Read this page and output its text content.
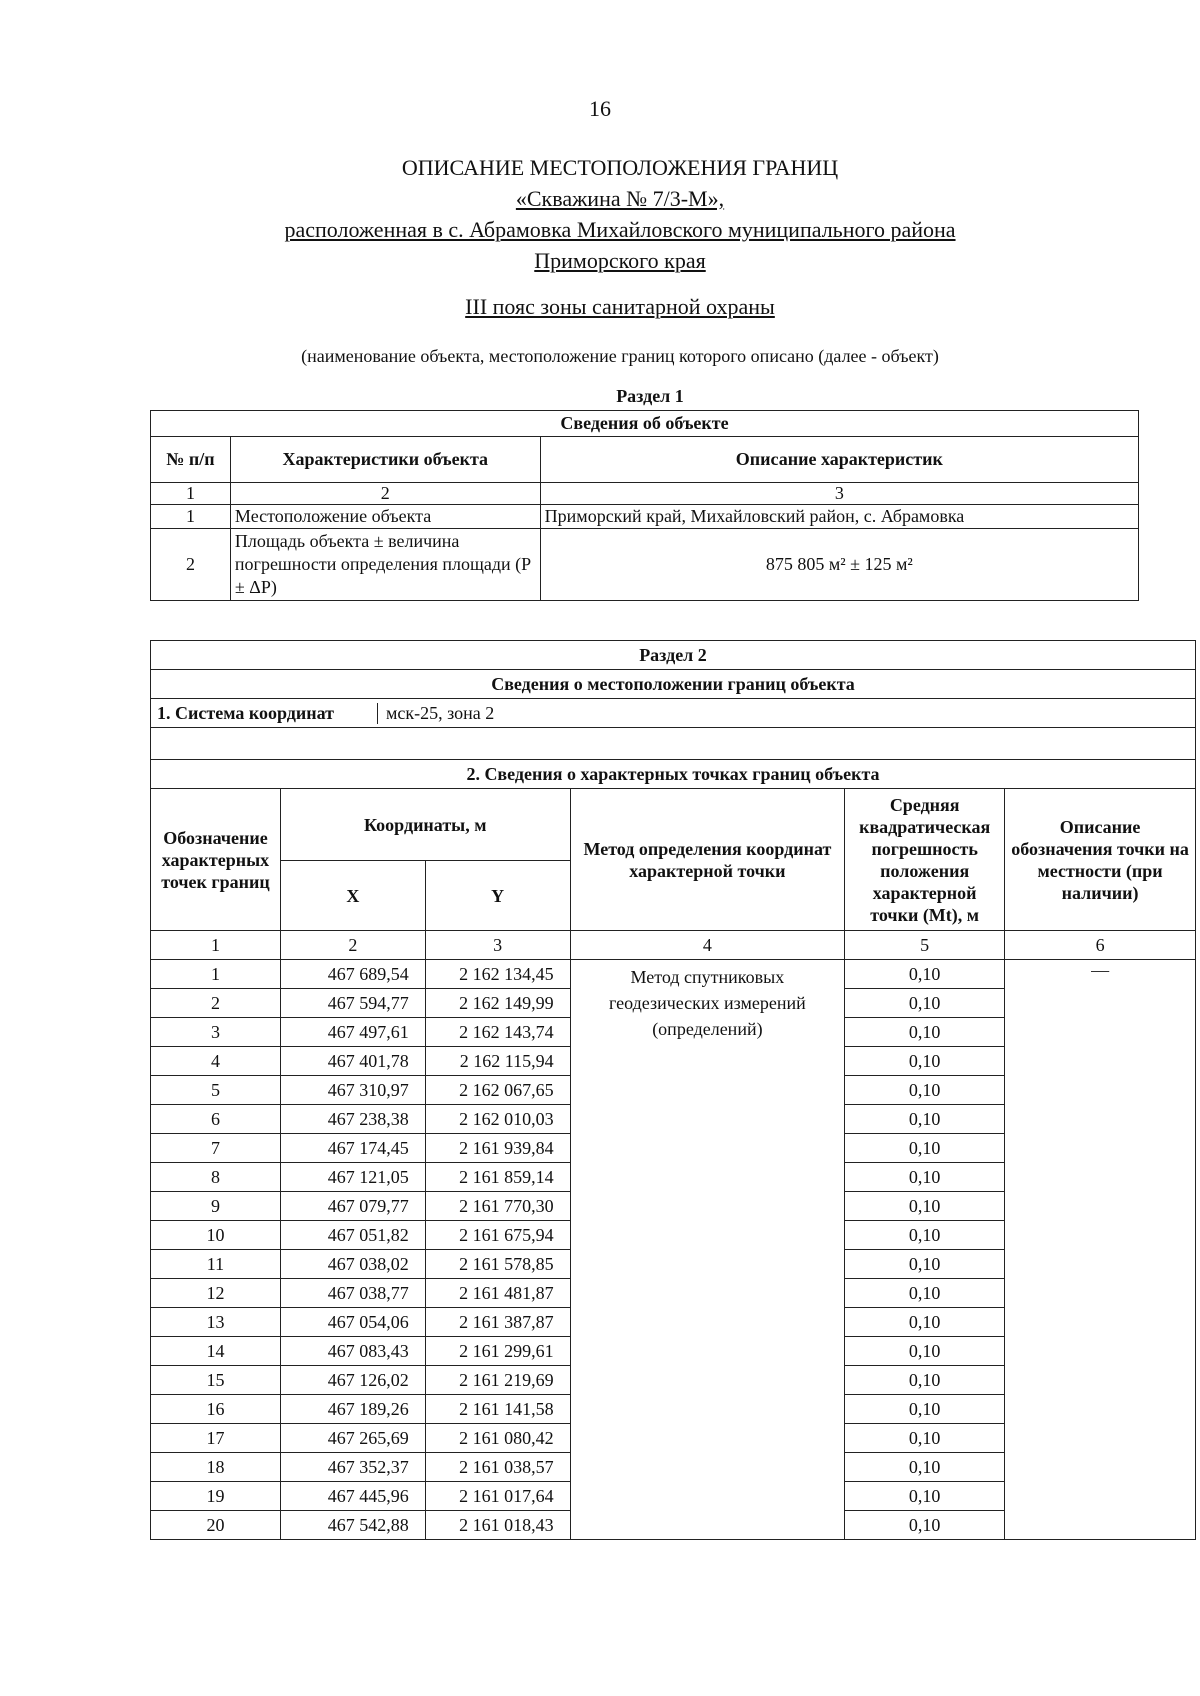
16
ОПИСАНИЕ МЕСТОПОЛОЖЕНИЯ ГРАНИЦ
«Скважина № 7/3-М»,
расположенная в с. Абрамовка Михайловского муниципального района
Приморского края
III пояс зоны санитарной охраны
(наименование объекта, местоположение границ которого описано (далее - объект)
Раздел 1
Сведения об объекте		
№ п/п	Характеристики объекта	Описание характеристик
1	2	3
1	Местоположение объекта	Приморский край, Михайловский район, с. Абрамовка
2	Площадь объекта ± величина погрешности определения площади (Р ± ΔР)	875 805 м² ± 125 м²
Раздел 2					
Сведения о местоположении границ объекта					
1. Система координат мск-25, зона 2					

2. Сведения о характерных точках границ объекта					
Обозначение характерных точек границ	Координаты, м		Метод определения координат характерной точки	Средняя квадратическая погрешность положения характерной точки (Mt), м	Описание обозначения точки на местности (при наличии)
	X	Y			
1	2	3	4	5	6
1	467 689,54	2 162 134,45	Метод спутниковых геодезических измерений (определений)	0,10	—
2	467 594,77	2 162 149,99		0,10	
3	467 497,61	2 162 143,74		0,10	
4	467 401,78	2 162 115,94		0,10	
5	467 310,97	2 162 067,65		0,10	
6	467 238,38	2 162 010,03		0,10	
7	467 174,45	2 161 939,84		0,10	
8	467 121,05	2 161 859,14		0,10	
9	467 079,77	2 161 770,30		0,10	
10	467 051,82	2 161 675,94		0,10	
11	467 038,02	2 161 578,85		0,10	
12	467 038,77	2 161 481,87		0,10	
13	467 054,06	2 161 387,87		0,10	
14	467 083,43	2 161 299,61		0,10	
15	467 126,02	2 161 219,69		0,10	
16	467 189,26	2 161 141,58		0,10	
17	467 265,69	2 161 080,42		0,10	
18	467 352,37	2 161 038,57		0,10	
19	467 445,96	2 161 017,64		0,10	
20	467 542,88	2 161 018,43		0,10	
